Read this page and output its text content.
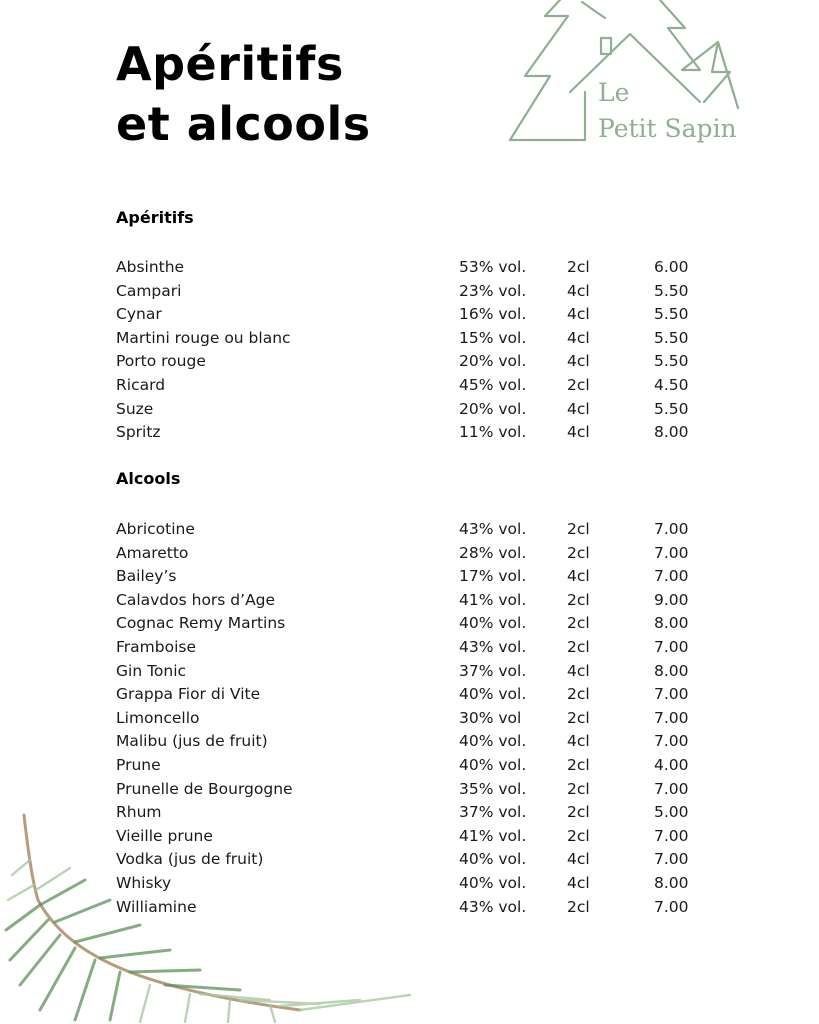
Apéritifs
et alcools
Le
Petit Sapin
Apéritifs
Absinthe	53% vol.	2cl	6.00
Campari	23% vol.	4cl	5.50
Cynar	16% vol.	4cl	5.50
Martini rouge ou blanc	15% vol.	4cl	5.50
Porto rouge	20% vol.	4cl	5.50
Ricard	45% vol.	2cl	4.50
Suze	20% vol.	4cl	5.50
Spritz	11% vol.	4cl	8.00
Alcools
Abricotine	43% vol.	2cl	7.00
Amaretto	28% vol.	2cl	7.00
Bailey’s	17% vol.	4cl	7.00
Calavdos hors d’Age	41% vol.	2cl	9.00
Cognac Remy Martins	40% vol.	2cl	8.00
Framboise	43% vol.	2cl	7.00
Gin Tonic	37% vol.	4cl	8.00
Grappa Fior di Vite	40% vol.	2cl	7.00
Limoncello	30% vol	2cl	7.00
Malibu (jus de fruit)	40% vol.	4cl	7.00
Prune	40% vol.	2cl	4.00
Prunelle de Bourgogne	35% vol.	2cl	7.00
Rhum	37% vol.	2cl	5.00
Vieille prune	41% vol.	2cl	7.00
Vodka (jus de fruit)	40% vol.	4cl	7.00
Whisky	40% vol.	4cl	8.00
Williamine	43% vol.	2cl	7.00
